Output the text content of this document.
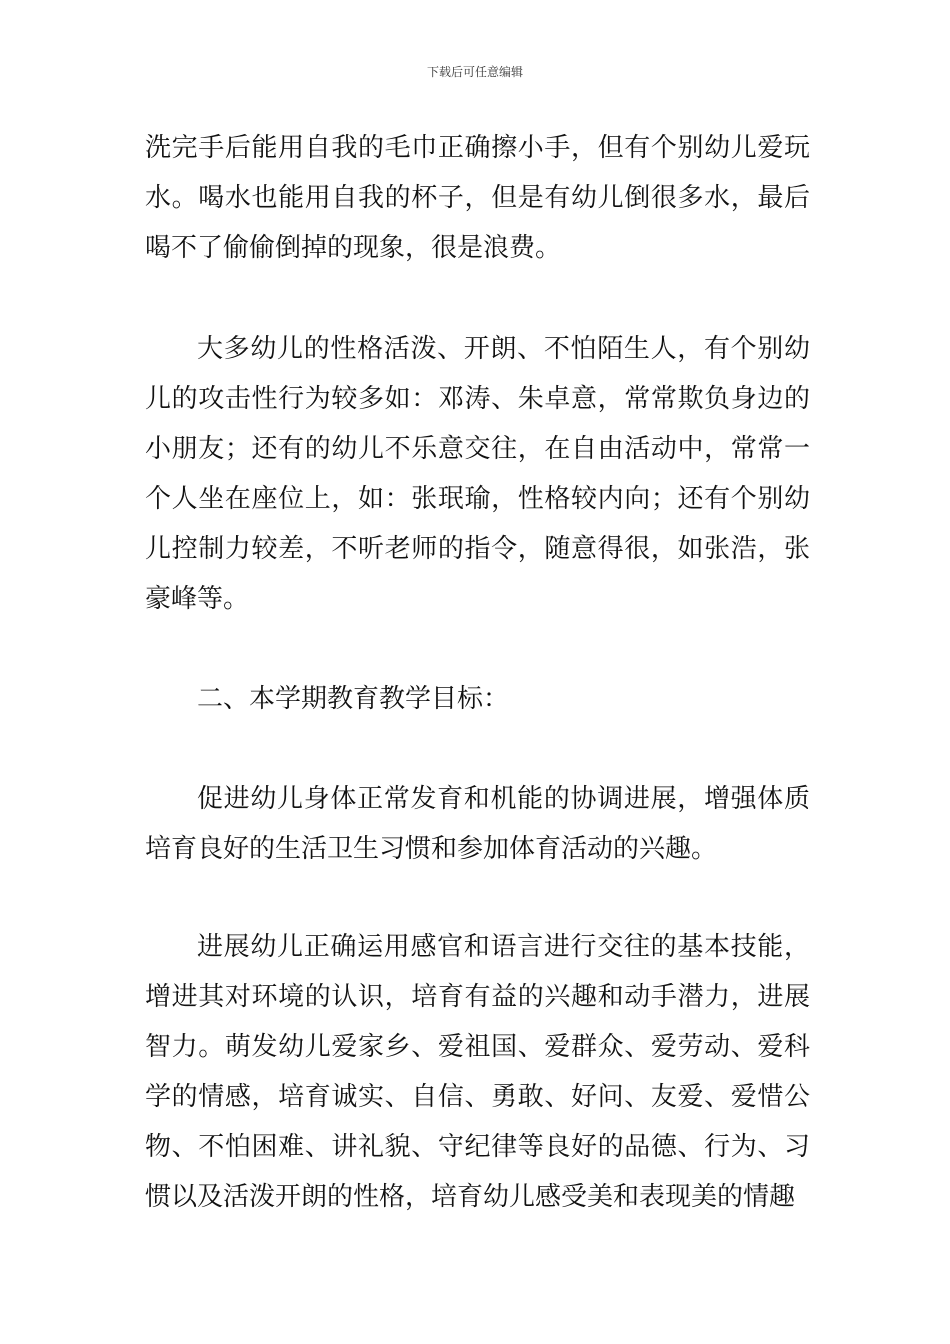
下载后可任意编辑

洗完手后能用自我的毛巾正确擦小手，但有个别幼儿爱玩水。喝水也能用自我的杯子，但是有幼儿倒很多水，最后喝不了偷偷倒掉的现象，很是浪费。

大多幼儿的性格活泼、开朗、不怕陌生人，有个别幼儿的攻击性行为较多如：邓涛、朱卓意，常常欺负身边的小朋友；还有的幼儿不乐意交往，在自由活动中，常常一个人坐在座位上，如：张珉瑜，性格较内向；还有个别幼儿控制力较差，不听老师的指令，随意得很，如张浩，张豪峰等。

二、本学期教育教学目标：

促进幼儿身体正常发育和机能的协调进展，增强体质培育良好的生活卫生习惯和参加体育活动的兴趣。

进展幼儿正确运用感官和语言进行交往的基本技能，增进其对环境的认识，培育有益的兴趣和动手潜力，进展智力。萌发幼儿爱家乡、爱祖国、爱群众、爱劳动、爱科学的情感，培育诚实、自信、勇敢、好问、友爱、爱惜公物、不怕困难、讲礼貌、守纪律等良好的品德、行为、习惯以及活泼开朗的性格，培育幼儿感受美和表现美的情趣
